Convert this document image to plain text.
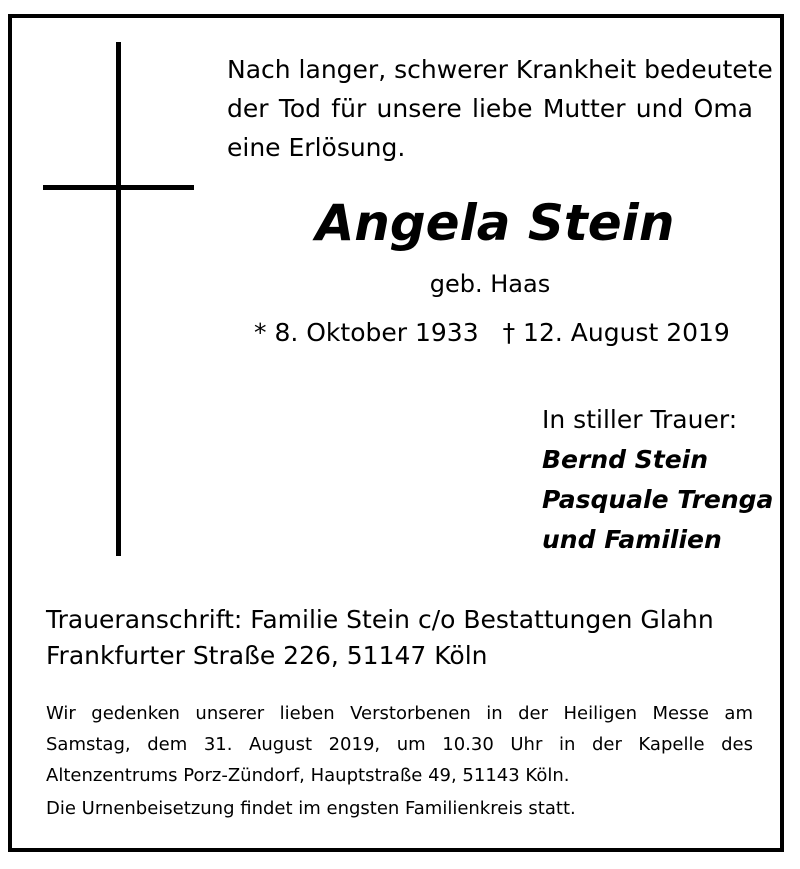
Nach langer, schwerer Krankheit bedeutete
der Tod für unsere liebe Mutter und Oma
eine Erlösung.

Angela Stein

geb. Haas

* 8. Oktober 1933 † 12. August 2019

In stiller Trauer:
Bernd Stein
Pasquale Trenga
und Familien
Traueranschrift: Familie Stein c/o Bestattungen Glahn
Frankfurter Straße 226, 51147 Köln
Wir gedenken unserer lieben Verstorbenen in der Heiligen Messe am
Samstag, dem 31. August 2019, um 10.30 Uhr in der Kapelle des
Altenzentrums Porz-Zündorf, Hauptstraße 49, 51143 Köln.
Die Urnenbeisetzung findet im engsten Familienkreis statt.
